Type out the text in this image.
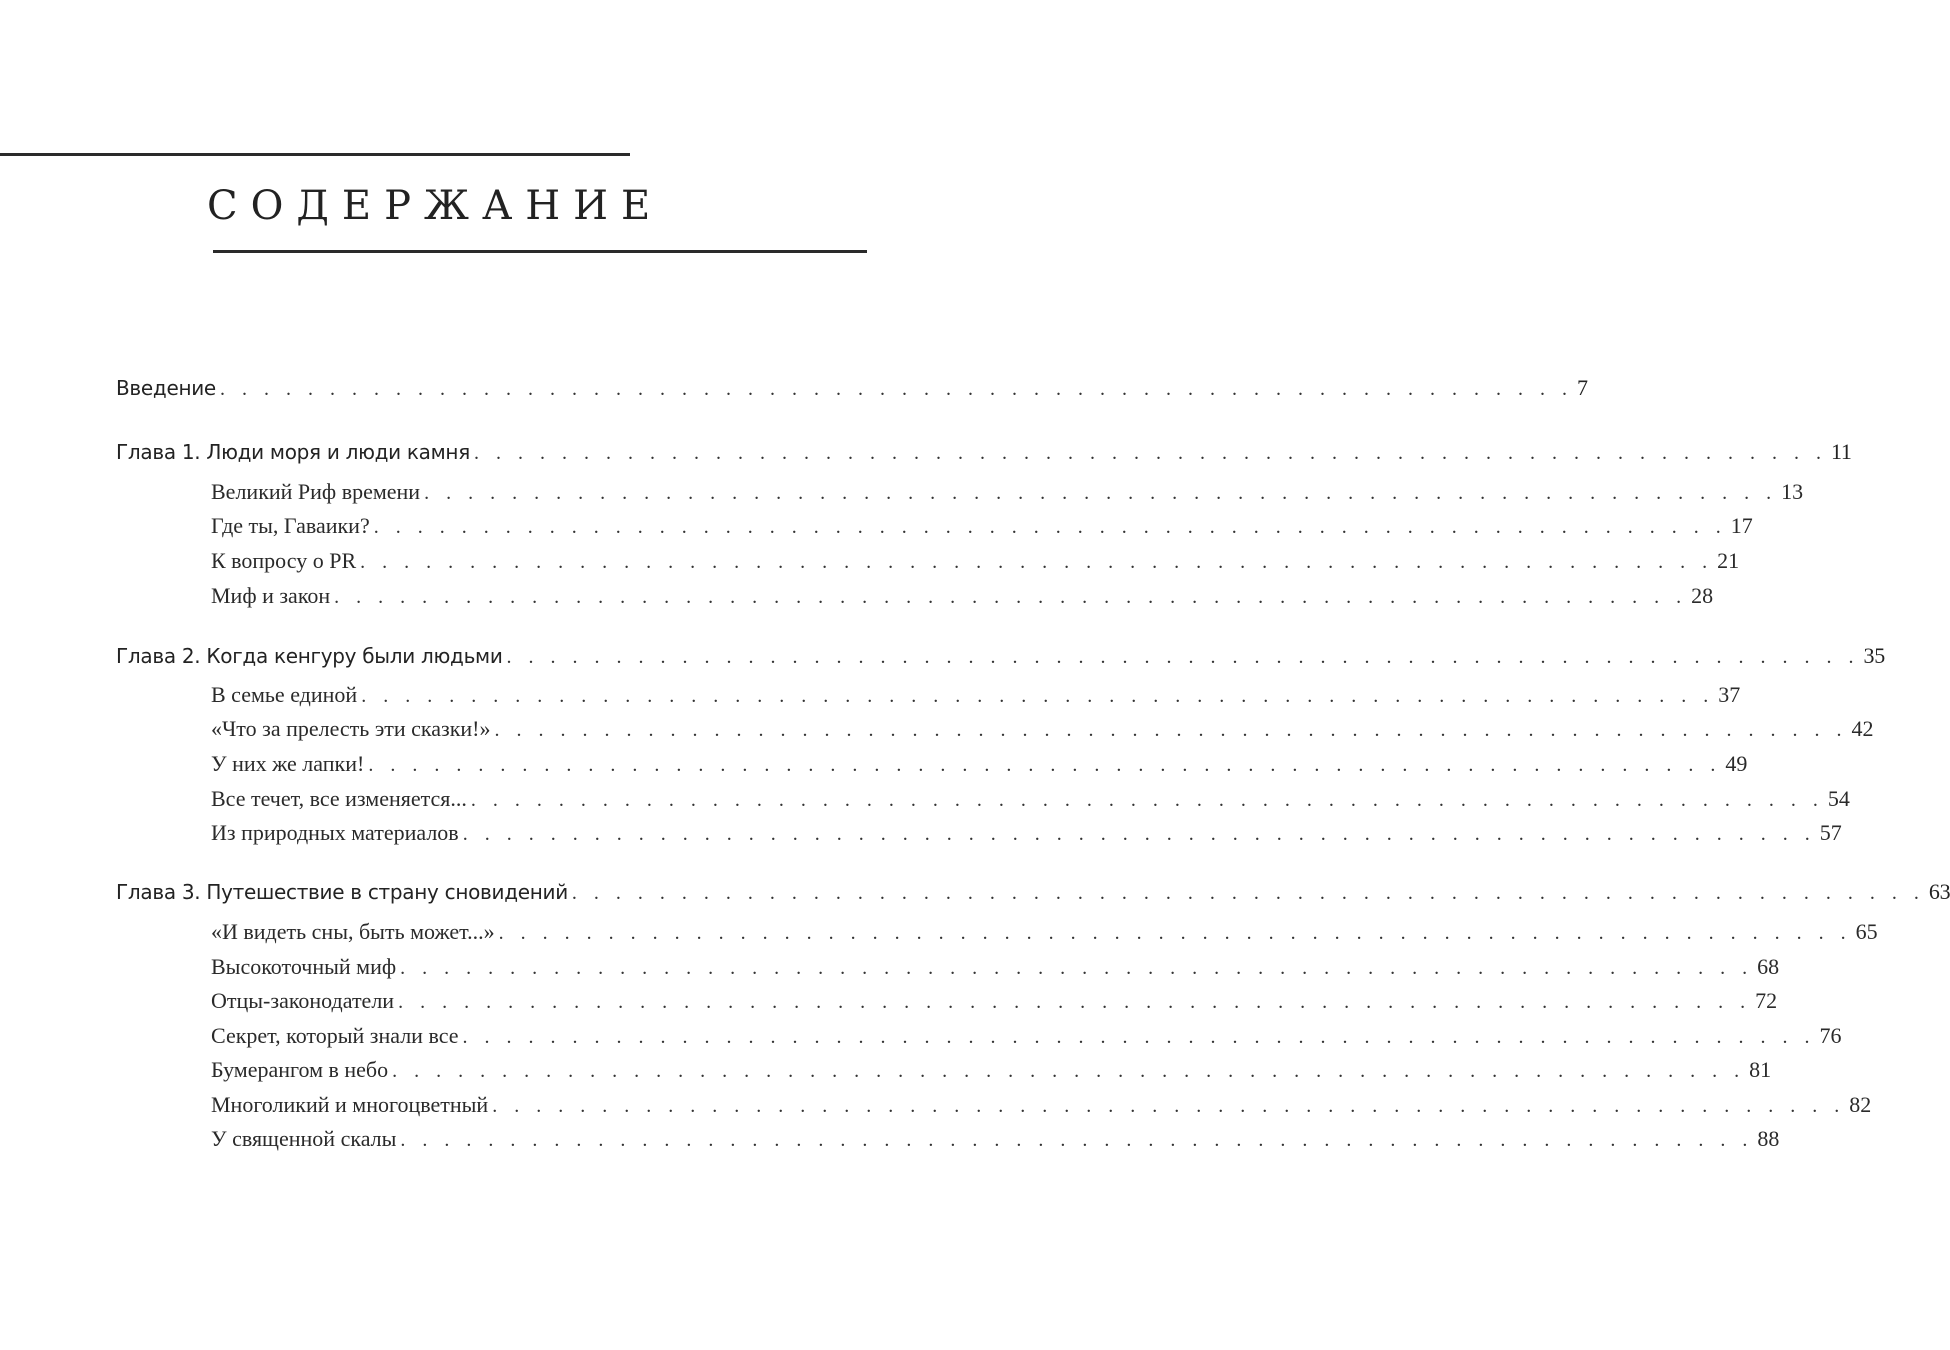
СОДЕРЖАНИЕ
Введение . . . . . . . . . . . . . . . . . . . . . . . . . . . . . . . . . . . . . . . . . . . . . . . . . . . . . . . . . . . . . . 7
Глава 1. Люди моря и люди камня . . . . . . . . . . . . . . . . . . . . . . . . . . . . . . . . . . . . . . . . . . . . . . . . . . . . . . . . . . . . . . 11
Великий Риф времени . . . . . . . . . . . . . . . . . . . . . . . . . . . . . . . . . . . . . . . . . . . . . . . . . . . . . . . . . . . . . . 13
Где ты, Гаваики? . . . . . . . . . . . . . . . . . . . . . . . . . . . . . . . . . . . . . . . . . . . . . . . . . . . . . . . . . . . . . . 17
К вопросу о PR . . . . . . . . . . . . . . . . . . . . . . . . . . . . . . . . . . . . . . . . . . . . . . . . . . . . . . . . . . . . . . 21
Миф и закон . . . . . . . . . . . . . . . . . . . . . . . . . . . . . . . . . . . . . . . . . . . . . . . . . . . . . . . . . . . . . . 28
Глава 2. Когда кенгуру были людьми . . . . . . . . . . . . . . . . . . . . . . . . . . . . . . . . . . . . . . . . . . . . . . . . . . . . . . . . . . . . . . 35
В семье единой . . . . . . . . . . . . . . . . . . . . . . . . . . . . . . . . . . . . . . . . . . . . . . . . . . . . . . . . . . . . . . 37
«Что за прелесть эти сказки!» . . . . . . . . . . . . . . . . . . . . . . . . . . . . . . . . . . . . . . . . . . . . . . . . . . . . . . . . . . . . . . 42
У них же лапки! . . . . . . . . . . . . . . . . . . . . . . . . . . . . . . . . . . . . . . . . . . . . . . . . . . . . . . . . . . . . . . 49
Все течет, все изменяется... . . . . . . . . . . . . . . . . . . . . . . . . . . . . . . . . . . . . . . . . . . . . . . . . . . . . . . . . . . . . . . 54
Из природных материалов . . . . . . . . . . . . . . . . . . . . . . . . . . . . . . . . . . . . . . . . . . . . . . . . . . . . . . . . . . . . . . 57
Глава 3. Путешествие в страну сновидений . . . . . . . . . . . . . . . . . . . . . . . . . . . . . . . . . . . . . . . . . . . . . . . . . . . . . . . . . . . . . . 63
«И видеть сны, быть может...» . . . . . . . . . . . . . . . . . . . . . . . . . . . . . . . . . . . . . . . . . . . . . . . . . . . . . . . . . . . . . . 65
Высокоточный миф . . . . . . . . . . . . . . . . . . . . . . . . . . . . . . . . . . . . . . . . . . . . . . . . . . . . . . . . . . . . . . 68
Отцы-законодатели . . . . . . . . . . . . . . . . . . . . . . . . . . . . . . . . . . . . . . . . . . . . . . . . . . . . . . . . . . . . . . 72
Секрет, который знали все . . . . . . . . . . . . . . . . . . . . . . . . . . . . . . . . . . . . . . . . . . . . . . . . . . . . . . . . . . . . . . 76
Бумерангом в небо . . . . . . . . . . . . . . . . . . . . . . . . . . . . . . . . . . . . . . . . . . . . . . . . . . . . . . . . . . . . . . 81
Многоликий и многоцветный . . . . . . . . . . . . . . . . . . . . . . . . . . . . . . . . . . . . . . . . . . . . . . . . . . . . . . . . . . . . . . 82
У священной скалы . . . . . . . . . . . . . . . . . . . . . . . . . . . . . . . . . . . . . . . . . . . . . . . . . . . . . . . . . . . . . . 88
